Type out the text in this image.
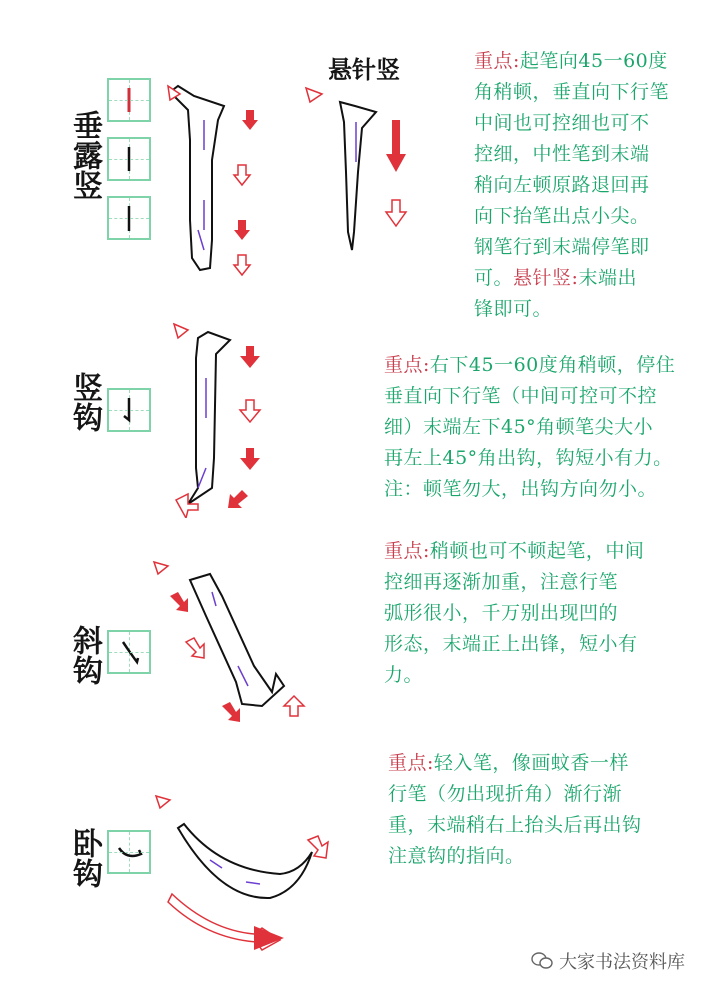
垂露竖
悬针竖	重点:起笔向45一60度
角稍顿，垂直向下行笔
中间也可控细也可不
控细，中性笔到末端
稍向左顿原路退回再
向下抬笔出点小尖。
钢笔行到末端停笔即
可。悬针竖:末端出
锋即可。
竖钩
重点:右下45一60度角稍顿，停住
垂直向下行笔（中间可控可不控
细）末端左下45°角顿笔尖大小
再左上45°角出钩，钩短小有力。
注：顿笔勿大，出钩方向勿小。
斜钩
重点:稍顿也可不顿起笔，中间
控细再逐渐加重，注意行笔
弧形很小，千万别出现凹的
形态，末端正上出锋，短小有
力。
卧钩
重点:轻入笔，像画蚊香一样
行笔（勿出现折角）渐行渐
重，末端稍右上抬头后再出钩
注意钩的指向。
大家书法资料库
